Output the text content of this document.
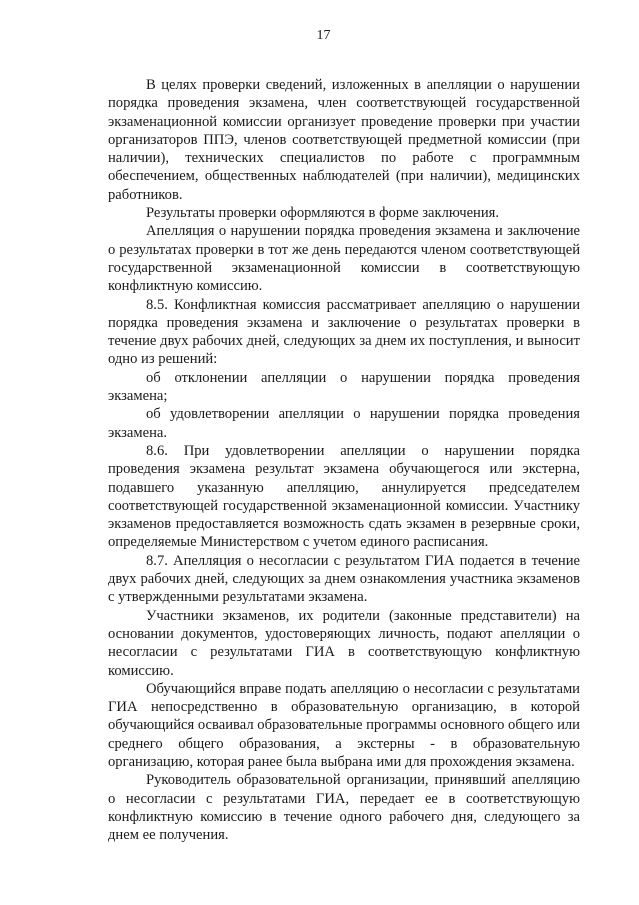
17

В целях проверки сведений, изложенных в апелляции о нарушении порядка проведения экзамена, член соответствующей государственной экзаменационной комиссии организует проведение проверки при участии организаторов ППЭ, членов соответствующей предметной комиссии (при наличии), технических специалистов по работе с программным обеспечением, общественных наблюдателей (при наличии), медицинских работников.

Результаты проверки оформляются в форме заключения.

Апелляция о нарушении порядка проведения экзамена и заключение о результатах проверки в тот же день передаются членом соответствующей государственной экзаменационной комиссии в соответствующую конфликтную комиссию.

8.5. Конфликтная комиссия рассматривает апелляцию о нарушении порядка проведения экзамена и заключение о результатах проверки в течение двух рабочих дней, следующих за днем их поступления, и выносит одно из решений:

об отклонении апелляции о нарушении порядка проведения экзамена;

об удовлетворении апелляции о нарушении порядка проведения экзамена.

8.6. При удовлетворении апелляции о нарушении порядка проведения экзамена результат экзамена обучающегося или экстерна, подавшего указанную апелляцию, аннулируется председателем соответствующей государственной экзаменационной комиссии. Участнику экзаменов предоставляется возможность сдать экзамен в резервные сроки, определяемые Министерством с учетом единого расписания.

8.7. Апелляция о несогласии с результатом ГИА подается в течение двух рабочих дней, следующих за днем ознакомления участника экзаменов с утвержденными результатами экзамена.

Участники экзаменов, их родители (законные представители) на основании документов, удостоверяющих личность, подают апелляции о несогласии с результатами ГИА в соответствующую конфликтную комиссию.

Обучающийся вправе подать апелляцию о несогласии с результатами ГИА непосредственно в образовательную организацию, в которой обучающийся осваивал образовательные программы основного общего или среднего общего образования, а экстерны - в образовательную организацию, которая ранее была выбрана ими для прохождения экзамена.

Руководитель образовательной организации, принявший апелляцию о несогласии с результатами ГИА, передает ее в соответствующую конфликтную комиссию в течение одного рабочего дня, следующего за днем ее получения.
